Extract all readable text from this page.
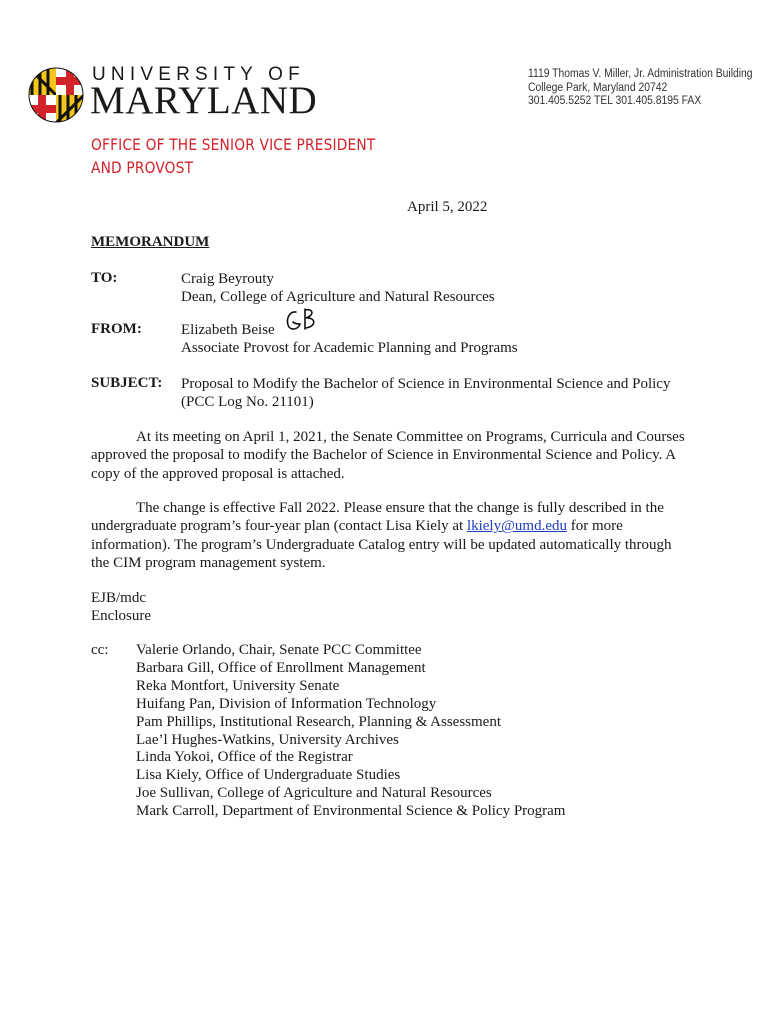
UNIVERSITY OF
MARYLAND
OFFICE OF THE SENIOR VICE PRESIDENT
AND PROVOST
1119 Thomas V. Miller, Jr. Administration Building
College Park, Maryland 20742
301.405.5252 TEL 301.405.8195 FAX
April 5, 2022
MEMORANDUM
TO:	Craig Beyrouty
Dean, College of Agriculture and Natural Resources
FROM:	Elizabeth Beise
Associate Provost for Academic Planning and Programs
SUBJECT: Proposal to Modify the Bachelor of Science in Environmental Science and Policy
(PCC Log No. 21101)
At its meeting on April 1, 2021, the Senate Committee on Programs, Curricula and Courses approved the proposal to modify the Bachelor of Science in Environmental Science and Policy. A copy of the approved proposal is attached.
The change is effective Fall 2022. Please ensure that the change is fully described in the undergraduate program’s four-year plan (contact Lisa Kiely at lkiely@umd.edu for more information). The program’s Undergraduate Catalog entry will be updated automatically through the CIM program management system.
EJB/mdc
Enclosure
cc: Valerie Orlando, Chair, Senate PCC Committee
Barbara Gill, Office of Enrollment Management
Reka Montfort, University Senate
Huifang Pan, Division of Information Technology
Pam Phillips, Institutional Research, Planning & Assessment
Lae’l Hughes-Watkins, University Archives
Linda Yokoi, Office of the Registrar
Lisa Kiely, Office of Undergraduate Studies
Joe Sullivan, College of Agriculture and Natural Resources
Mark Carroll, Department of Environmental Science & Policy Program
